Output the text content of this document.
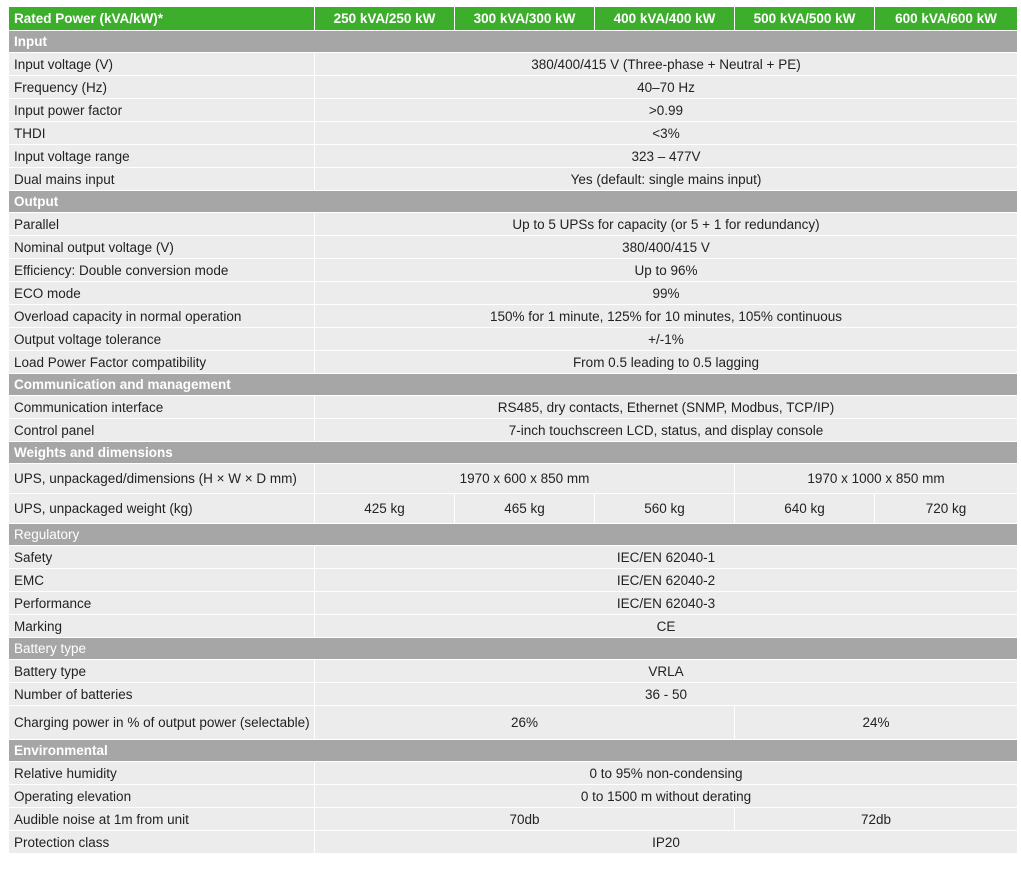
Rated Power (kVA/kW)*	250 kVA/250 kW	300 kVA/300 kW	400 kVA/400 kW	500 kVA/500 kW	600 kVA/600 kW
Input					
Input voltage (V)	380/400/415 V (Three-phase + Neutral + PE)				
Frequency (Hz)	40–70 Hz				
Input power factor	>0.99				
THDI	<3%				
Input voltage range	323 – 477V				
Dual mains input	Yes (default: single mains input)				
Output					
Parallel	Up to 5 UPSs for capacity (or 5 + 1 for redundancy)				
Nominal output voltage (V)	380/400/415 V				
Efficiency: Double conversion mode	Up to 96%				
ECO mode	99%				
Overload capacity in normal operation	150% for 1 minute, 125% for 10 minutes, 105% continuous				
Output voltage tolerance	+/-1%				
Load Power Factor compatibility	From 0.5 leading to 0.5 lagging				
Communication and management					
Communication interface	RS485, dry contacts, Ethernet (SNMP, Modbus, TCP/IP)				
Control panel	7-inch touchscreen LCD, status, and display console				
Weights and dimensions					
UPS, unpackaged/dimensions (H × W × D mm)	1970 x 600 x 850 mm			1970 x 1000 x 850 mm	
UPS, unpackaged weight (kg)	425 kg	465 kg	560 kg	640 kg	720 kg
Regulatory					
Safety	IEC/EN 62040-1				
EMC	IEC/EN 62040-2				
Performance	IEC/EN 62040-3				
Marking	CE				
Battery type					
Battery type	VRLA				
Number of batteries	36 - 50				
Charging power in % of output power (selectable)	26%			24%	
Environmental					
Relative humidity	0 to 95% non-condensing				
Operating elevation	0 to 1500 m without derating				
Audible noise at 1m from unit	70db			72db	
Protection class	IP20				
